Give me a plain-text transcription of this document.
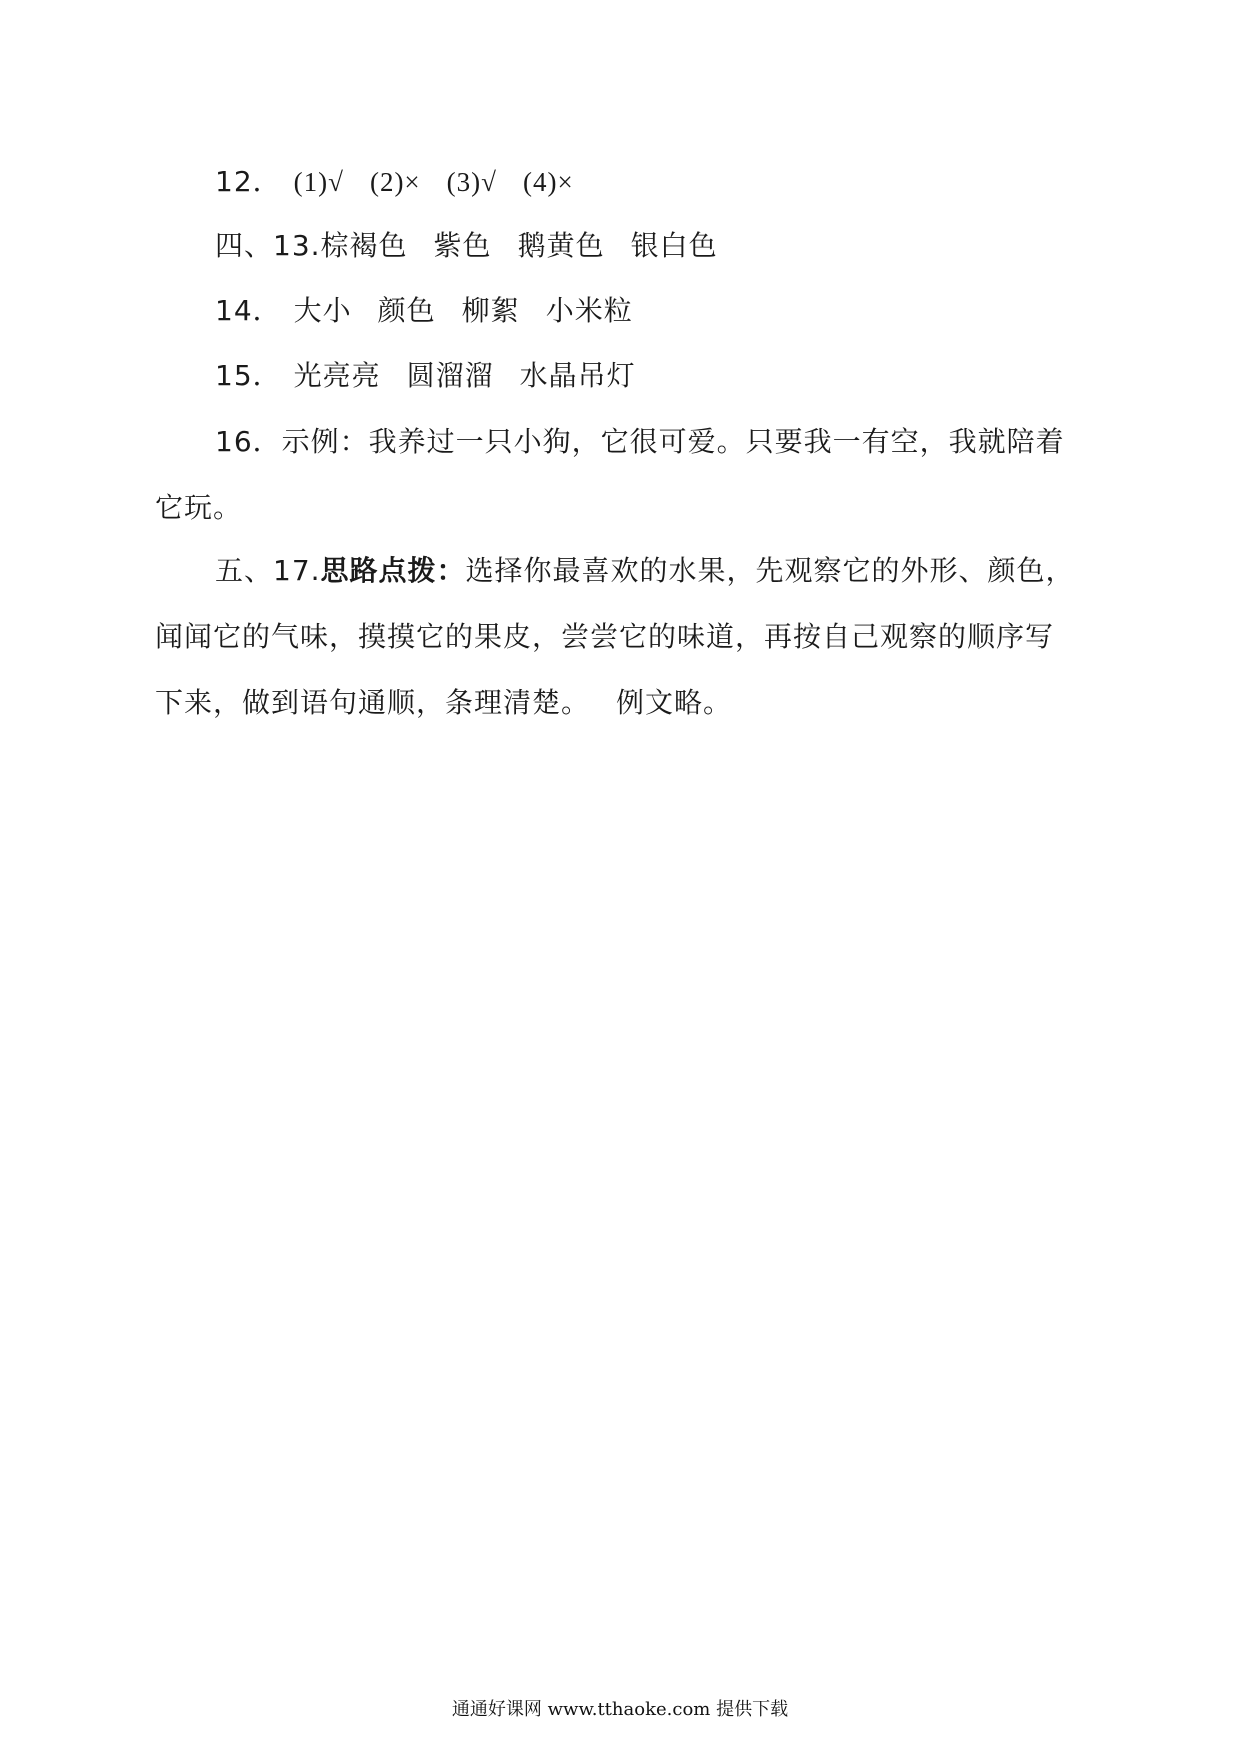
12． (1)√ (2)× (3)√ (4)×
四、13.棕褐色 紫色 鹅黄色 银白色
14． 大小 颜色 柳絮 小米粒
15． 光亮亮 圆溜溜 水晶吊灯
16．示例：我养过一只小狗，它很可爱。只要我一有空，我就陪着它玩。
五、17.思路点拨：选择你最喜欢的水果，先观察它的外形、颜色，闻闻它的气味，摸摸它的果皮，尝尝它的味道，再按自己观察的顺序写下来，做到语句通顺，条理清楚。 例文略。
通通好课网 www.tthaoke.com 提供下载
